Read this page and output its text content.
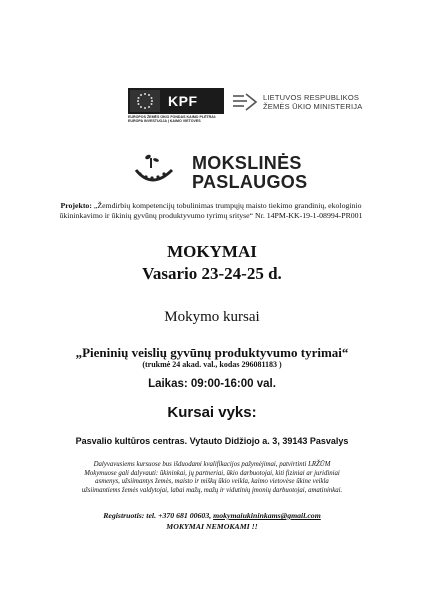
KPF
EUROPOS ŽEMĖS ŪKIO FONDAS KAIMO PLĖTRAI:
EUROPA INVESTUOJA Į KAIMO VIETOVES
LIETUVOS RESPUBLIKOS
ŽEMĖS ŪKIO MINISTERIJA
MOKSLINĖS
PASLAUGOS
Projekto: „Žemdirbių kompetencijų tobulinimas trumpųjų maisto tiekimo grandinių, ekologinio
ūkininkavimo ir ūkinių gyvūnų produktyvumo tyrimų srityse“ Nr. 14PM-KK-19-1-08994-PR001
MOKYMAI
Vasario 23-24-25 d.
Mokymo kursai
„Pieninių veislių gyvūnų produktyvumo tyrimai“
(trukmė 24 akad. val., kodas 296081183 )
Laikas: 09:00-16:00 val.
Kursai vyks:
Pasvalio kultūros centras. Vytauto Didžiojo a. 3, 39143 Pasvalys
Dalyvavusiems kursuose bus išduodami kvalifikacijos pažymėjimai, patvirtinti LRŽŪM
Mokymuose gali dalyvauti: ūkininkai, jų partneriai, ūkio darbuotojai, kiti fiziniai ar juridiniai
asmenys, užsiimantys žemės, maisto ir miškų ūkio veikla, kaimo vietovėse ūkine veikla
užsiimantiems žemės valdytojai, labai mažų, mažų ir vidutinių įmonių darbuotojai, amatininkai.
Registruotis: tel. +370 681 00603, mokymaiukininkams@gmail.com
MOKYMAI NEMOKAMI !!
